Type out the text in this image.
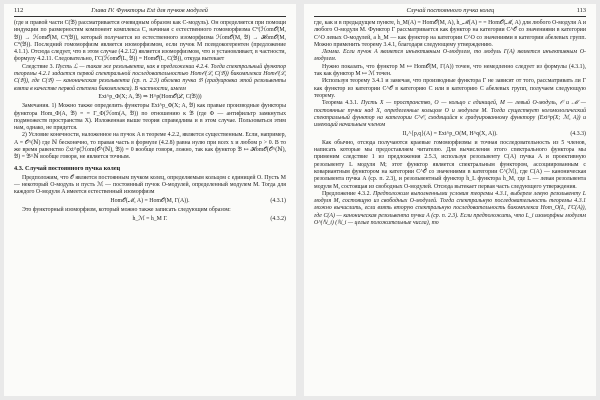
112	Глава IV. Функторы Ext для пучков модулей

(где и правой части C(𝔅) рассматривается очевидным образом как C-модуль). Он определяется при помощи индукции по размерностям компонент комплекса C, начиная с естественного гомоморфизма C⁰(ℋom𝒪(M, 𝔅)) → ℋom𝒪(M, C⁰(𝔅)), который получается из естественного изоморфизма ℋom𝒪(M, 𝔅) → ℋom𝒪(M, C⁰(𝔅)). Последний гомоморфизм является изоморфизмом, если пучок M псевдокогерентен (предложение 4.1.1). Отсюда следует, что в этом случае (4.2.12) является изоморфизмом, что и установливает, в частности, формулу 4.2.11. Следовательно, ΓC(ℋom𝒪(L, 𝔅)) = Hom𝒪(L, C(𝔅)), откуда вытекает

Следствие 3. Пусть ℒ — такая же резольвента, как в предложении 4.2.4. Тогда спектральный функтор теоремы 4.2.1 задается первой спектральной последовательностью Hom𝒪(ℒ, C(𝔅)) бикомплекса Hom𝒪(ℒ, C(𝔅)), где C(𝔅) — каноническая резольвента (ср. п. 2.3) абелева пучка 𝔅 (градуировка этой резольвенты взята в качестве первой степени бикомплекса). В частности, имеем

Ext^p_Φ(X; A, 𝔅) ⇒ H^p(Hom𝒪(ℒ, C(𝔅)))

Замечания. 1) Можно также определить функторы Ext^p_Φ(X; A, 𝔅) как правые производные функторы функтора Hom_Φ(A, 𝔅) = = Γ_Φ(ℋom(A, 𝔅)) по отношению к 𝔅 (где Φ — антифильтр замкнутых подмножеств пространства X). Изложенная выше теория справедлива и в этом случае. Пользоваться этим нам, однако, не придется.

2) Условие конечности, наложенное на пучок A в теореме 4.2.2, является существенным. Если, например, A = 𝒪^(ℕ) где ℕ бесконечно, то правая часть в формуле (4.2.8) равна нулю при всех x и любом p > 0. В то же время равенство ℰxt^p(ℋom(𝒪^(ℕ), 𝔅)) = 0 вообще говоря, ложно, так как функтор 𝔅 ↦ ℋom𝒪(𝒪^(ℕ), 𝔅) = 𝔅^ℕ вообще говоря, не является точным.

4.3. Случай постоянного пучка колец

Предположим, что 𝒪 является постоянным пучком колец, определяемым кольцом с единицей O. Пусть M — некоторый O-модуль и пусть ℳ — постоянный пучок O-модулей, определенный модулем M. Тогда для каждого O-модуля A имеется естественный изоморфизм

Hom𝒪(ℳ, A) = Hom𝒪(M, Γ(A)).	(4.3.1)

Это функторный изоморфизм, который можно также записать следующим образом:

h_ℳ = h_M Γ.	(4.3.2)
Случай постоянного пучка колец	113

где, как и в предыдущем пункте, h_M(A) = Hom𝒪(M, A), h_ℳ(A) = = Hom𝒪(ℳ, A) для любого O-модуля A и любого O-модуля M. Функтор Γ рассматривается как функтор на категории C^𝒪 со значениями в категории C^O левых O-модулей, а h_M — как функтор на категории C^O со значениями в категории абелевых групп. Можно применить теорему 3.4.1, благодаря следующему утверждению.

Лемма. Если пучок A является инъективным O-модулем, то модуль Γ(A) является инъективным O-модулем.

Нужно показать, что функтор M ↦ Hom𝒪(M, Γ(A)) точен, что немедленно следует из формулы (4.3.1), так как функтор M ↦ ℳ точен.

Используя теорему 3.4.1 и замечая, что производные функтора Γ не зависят от того, рассматривать ли Γ как функтор из категории C^𝒪 в категорию C или в категорию C абелевых групп, получаем следующую теорему.

Теорема 4.3.1. Пусть X — пространство, O — кольцо с единицей, M — левый O-модуль, 𝒪 и ℳ — постоянные пучки над X, определенные кольцом O и модулем M. Тогда существует когомологический спектральный функтор на категории C^𝒪, сходящийся к градуированному функтору (Ext^p(X; ℳ, A)) и имеющий начальным членом

II₂^{p,q}(A) = Ext^p_O(M, H^q(X, A)).	(4.3.3)

Как обычно, отсюда получаются краевые гомоморфизмы и точная последовательность из 5 членов, написать которые мы предоставляем читателю. Для вычисления этого спектрального функтора мы применим следствие 1 из предложения 2.5.3, используя резольвенту C(A) пучка A и проективную резольвенту L модуля M; этот функтор является спектральным функтором, ассоциированным с ковариантным функтором на категории C^𝒪 со значениями в категории C^(ℳ), где C(A) — каноническая резольвента пучка A (ср. п. 2.3), и резольвентный функтор h_L функтора h_M, где L — левая резольвента модуля M, состоящая из свободных O-модулей. Отсюда вытекает первая часть следующего утверждения.

Предложение 4.3.2. Предположим выполненными условия теоремы 4.3.1, выберем левую резольвенту L модуля M, состоящую из свободных O-модулей. Тогда спектральную последовательность теоремы 4.3.1 можно вычислить, если взять вторую спектральную последовательность бикомплекса Hom_O(L, ΓC(A)), где C(A) — каноническая резольвента пучка A (ср. п. 2.3). Если предположить, что L_i изоморфны модулям O^(ℕ_i) (ℕ_i — целые положительные числа), то
